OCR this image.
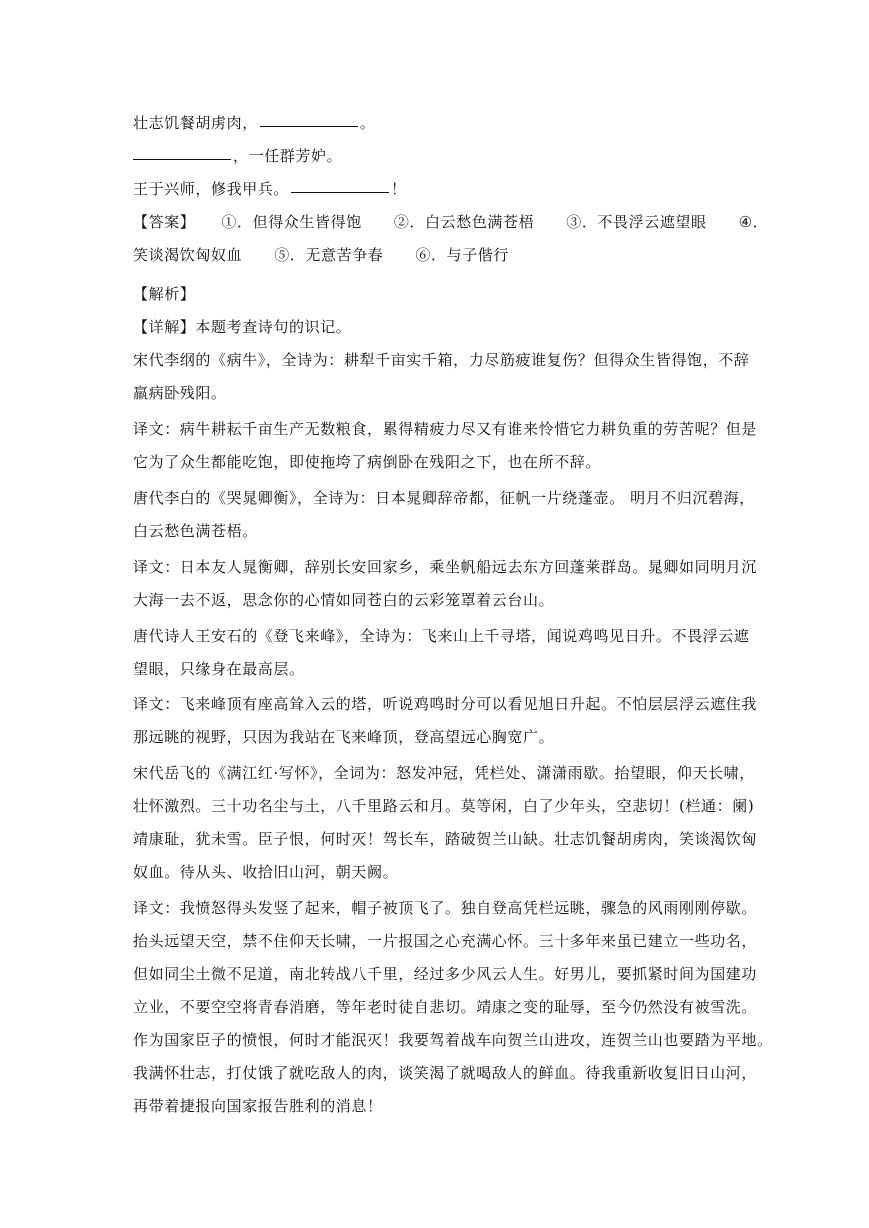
壮志饥餐胡虏肉，	。
，一任群芳妒。
王于兴师，修我甲兵。	！
【答案】 ①．但得众生皆得饱 ②．白云愁色满苍梧 ③．不畏浮云遮望眼 ④．
笑谈渴饮匈奴血 ⑤．无意苦争春 ⑥．与子偕行
【解析】
【详解】本题考查诗句的识记。
宋代李纲的《病牛》，全诗为：耕犁千亩实千箱，力尽筋疲谁复伤？但得众生皆得饱，不辞
羸病卧残阳。
译文：病牛耕耘千亩生产无数粮食，累得精疲力尽又有谁来怜惜它力耕负重的劳苦呢？但是
它为了众生都能吃饱，即使拖垮了病倒卧在残阳之下，也在所不辞。
唐代李白的《哭晁卿衡》，全诗为：日本晁卿辞帝都，征帆一片绕蓬壶。 明月不归沉碧海，
白云愁色满苍梧。
译文：日本友人晁衡卿，辞别长安回家乡，乘坐帆船远去东方回蓬莱群岛。晁卿如同明月沉
大海一去不返，思念你的心情如同苍白的云彩笼罩着云台山。
唐代诗人王安石的《登飞来峰》，全诗为：飞来山上千寻塔，闻说鸡鸣见日升。不畏浮云遮
望眼，只缘身在最高层。
译文：飞来峰顶有座高耸入云的塔，听说鸡鸣时分可以看见旭日升起。不怕层层浮云遮住我
那远眺的视野，只因为我站在飞来峰顶，登高望远心胸宽广。
宋代岳飞的《满江红·写怀》，全词为：怒发冲冠，凭栏处、潇潇雨歇。抬望眼，仰天长啸，
壮怀激烈。三十功名尘与土，八千里路云和月。莫等闲，白了少年头，空悲切！(栏通：阑)
靖康耻，犹未雪。臣子恨，何时灭！驾长车，踏破贺兰山缺。壮志饥餐胡虏肉，笑谈渴饮匈
奴血。待从头、收拾旧山河，朝天阙。
译文：我愤怒得头发竖了起来，帽子被顶飞了。独自登高凭栏远眺，骤急的风雨刚刚停歇。
抬头远望天空，禁不住仰天长啸，一片报国之心充满心怀。三十多年来虽已建立一些功名，
但如同尘土微不足道，南北转战八千里，经过多少风云人生。好男儿，要抓紧时间为国建功
立业，不要空空将青春消磨，等年老时徒自悲切。靖康之变的耻辱，至今仍然没有被雪洗。
作为国家臣子的愤恨，何时才能泯灭！我要驾着战车向贺兰山进攻，连贺兰山也要踏为平地。
我满怀壮志，打仗饿了就吃敌人的肉，谈笑渴了就喝敌人的鲜血。待我重新收复旧日山河，
再带着捷报向国家报告胜利的消息！
